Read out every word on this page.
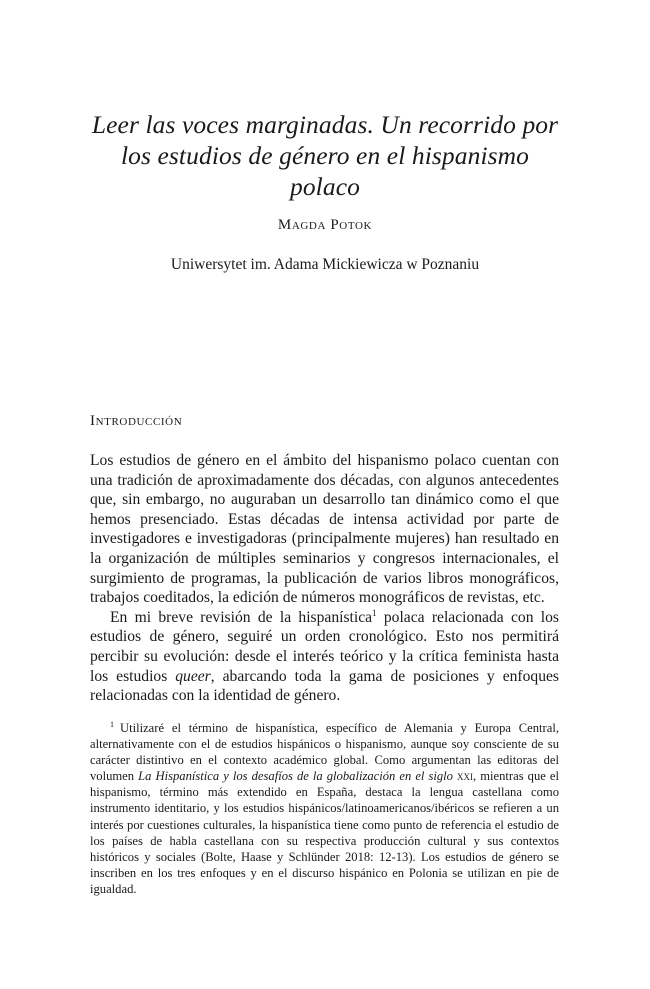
Leer las voces marginadas. Un recorrido por los estudios de género en el hispanismo polaco
Magda Potok
Uniwersytet im. Adama Mickiewicza w Poznaniu
Introducción

Los estudios de género en el ámbito del hispanismo polaco cuentan con una tradición de aproximadamente dos décadas, con algunos antecedentes que, sin embargo, no auguraban un desarrollo tan dinámico como el que hemos presenciado. Estas décadas de intensa actividad por parte de investigadores e investigadoras (principalmente mujeres) han resultado en la organización de múltiples seminarios y congresos internacionales, el surgimiento de programas, la publicación de varios libros monográficos, trabajos coeditados, la edición de números monográficos de revistas, etc.

En mi breve revisión de la hispanística$^1$ polaca relacionada con los estudios de género, seguiré un orden cronológico. Esto nos permitirá percibir su evolución: desde el interés teórico y la crítica feminista hasta los estudios queer, abarcando toda la gama de posiciones y enfoques relacionadas con la identidad de género.

$^1$ Utilizaré el término de hispanística, específico de Alemania y Europa Central, alternativamente con el de estudios hispánicos o hispanismo, aunque soy consciente de su carácter distintivo en el contexto académico global. Como argumentan las editoras del volumen La Hispanística y los desafíos de la globalización en el siglo xxi, mientras que el hispanismo, término más extendido en España, destaca la lengua castellana como instrumento identitario, y los estudios hispánicos/latinoamericanos/ibéricos se refieren a un interés por cuestiones culturales, la hispanística tiene como punto de referencia el estudio de los países de habla castellana con su respectiva producción cultural y sus contextos históricos y sociales (Bolte, Haase y Schlünder 2018: 12-13). Los estudios de género se inscriben en los tres enfoques y en el discurso hispánico en Polonia se utilizan en pie de igualdad.
